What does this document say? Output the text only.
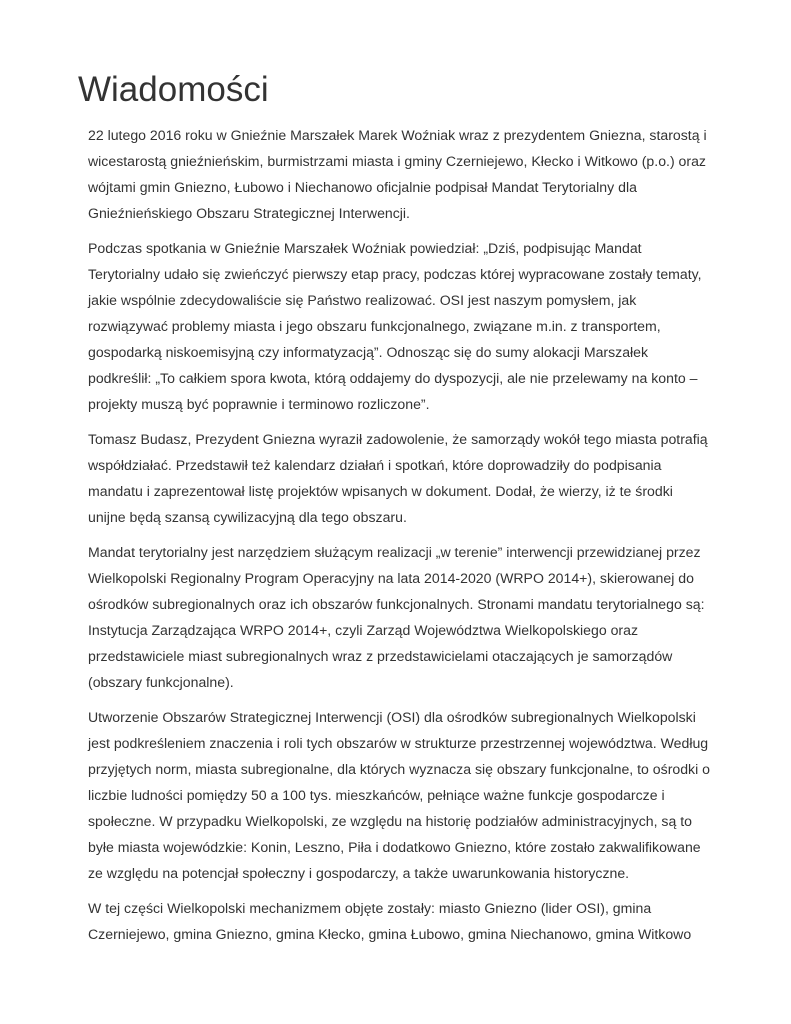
Wiadomości

22 lutego 2016 roku w Gnieźnie Marszałek Marek Woźniak wraz z prezydentem Gniezna, starostą i wicestarostą gnieźnieńskim, burmistrzami miasta i gminy Czerniejewo, Kłecko i Witkowo (p.o.) oraz wójtami gmin Gniezno, Łubowo i Niechanowo oficjalnie podpisał Mandat Terytorialny dla Gnieźnieńskiego Obszaru Strategicznej Interwencji.

Podczas spotkania w Gnieźnie Marszałek Woźniak powiedział: „Dziś, podpisując Mandat Terytorialny udało się zwieńczyć pierwszy etap pracy, podczas której wypracowane zostały tematy, jakie wspólnie zdecydowaliście się Państwo realizować. OSI jest naszym pomysłem, jak rozwiązywać problemy miasta i jego obszaru funkcjonalnego, związane m.in. z transportem, gospodarką niskoemisyjną czy informatyzacją”. Odnosząc się do sumy alokacji Marszałek podkreślił: „To całkiem spora kwota, którą oddajemy do dyspozycji, ale nie przelewamy na konto – projekty muszą być poprawnie i terminowo rozliczone”.

Tomasz Budasz, Prezydent Gniezna wyraził zadowolenie, że samorządy wokół tego miasta potrafią współdziałać. Przedstawił też kalendarz działań i spotkań, które doprowadziły do podpisania mandatu i zaprezentował listę projektów wpisanych w dokument. Dodał, że wierzy, iż te środki unijne będą szansą cywilizacyjną dla tego obszaru.

Mandat terytorialny jest narzędziem służącym realizacji „w terenie” interwencji przewidzianej przez Wielkopolski Regionalny Program Operacyjny na lata 2014-2020 (WRPO 2014+), skierowanej do ośrodków subregionalnych oraz ich obszarów funkcjonalnych. Stronami mandatu terytorialnego są: Instytucja Zarządzająca WRPO 2014+, czyli Zarząd Województwa Wielkopolskiego oraz przedstawiciele miast subregionalnych wraz z przedstawicielami otaczających je samorządów (obszary funkcjonalne).

Utworzenie Obszarów Strategicznej Interwencji (OSI) dla ośrodków subregionalnych Wielkopolski jest podkreśleniem znaczenia i roli tych obszarów w strukturze przestrzennej województwa. Według przyjętych norm, miasta subregionalne, dla których wyznacza się obszary funkcjonalne, to ośrodki o liczbie ludności pomiędzy 50 a 100 tys. mieszkańców, pełniące ważne funkcje gospodarcze i społeczne. W przypadku Wielkopolski, ze względu na historię podziałów administracyjnych, są to byłe miasta wojewódzkie: Konin, Leszno, Piła i dodatkowo Gniezno, które zostało zakwalifikowane ze względu na potencjał społeczny i gospodarczy, a także uwarunkowania historyczne.

W tej części Wielkopolski mechanizmem objęte zostały: miasto Gniezno (lider OSI), gmina Czerniejewo, gmina Gniezno, gmina Kłecko, gmina Łubowo, gmina Niechanowo, gmina Witkowo
